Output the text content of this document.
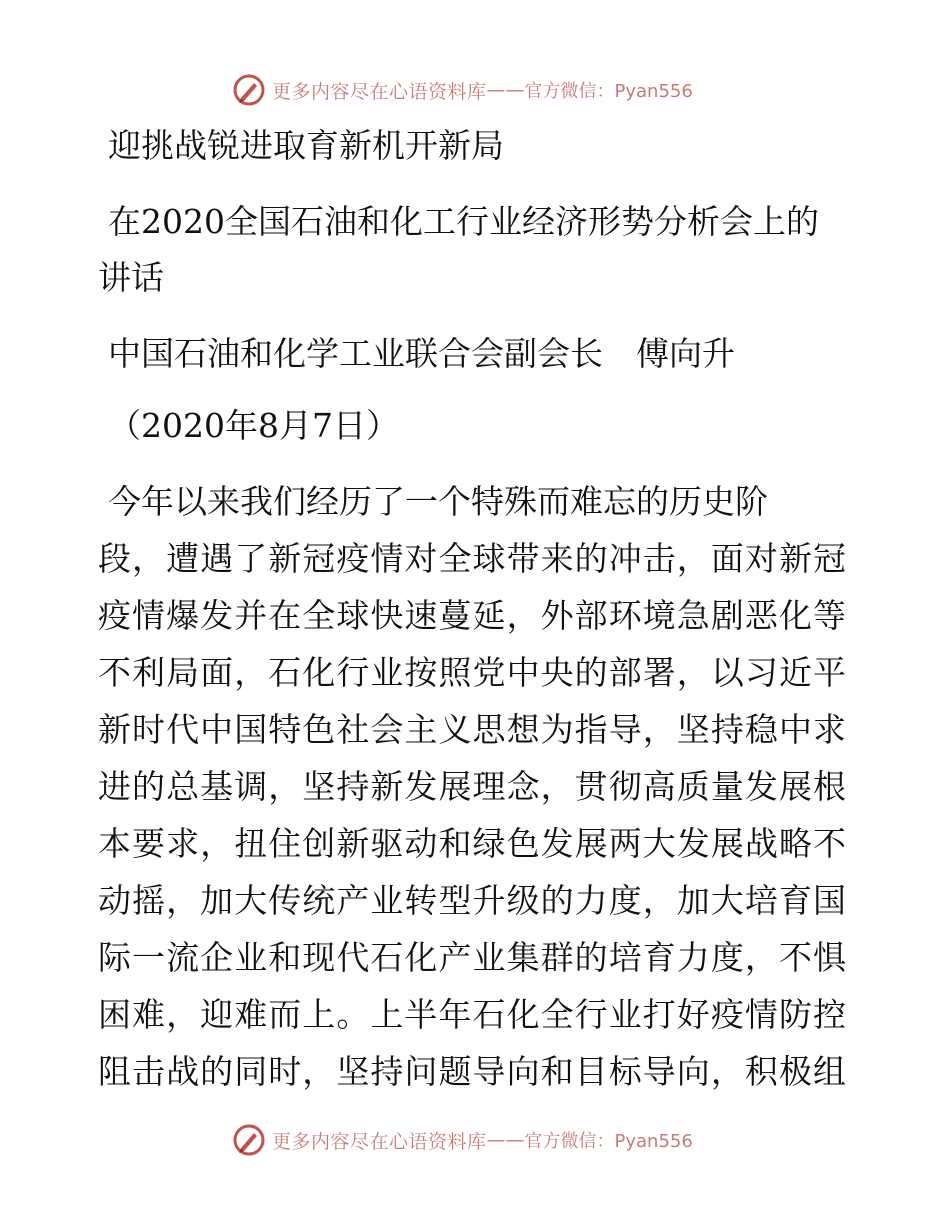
更多内容尽在心语资料库 —— 官方微信：Pyan556
迎挑战锐进取育新机开新局
在2020全国石油和化工行业经济形势分析会上的
讲话
中国石油和化学工业联合会副会长　傅向升
（2020年8月7日）
今年以来我们经历了一个特殊而难忘的历史阶
段，遭遇了新冠疫情对全球带来的冲击，面对新冠
疫情爆发并在全球快速蔓延，外部环境急剧恶化等
不利局面，石化行业按照党中央的部署，以习近平
新时代中国特色社会主义思想为指导，坚持稳中求
进的总基调，坚持新发展理念，贯彻高质量发展根
本要求，扭住创新驱动和绿色发展两大发展战略不
动摇，加大传统产业转型升级的力度，加大培育国
际一流企业和现代石化产业集群的培育力度，不惧
困难，迎难而上。上半年石化全行业打好疫情防控
阻击战的同时，坚持问题导向和目标导向，积极组
更多内容尽在心语资料库 —— 官方微信：Pyan556
